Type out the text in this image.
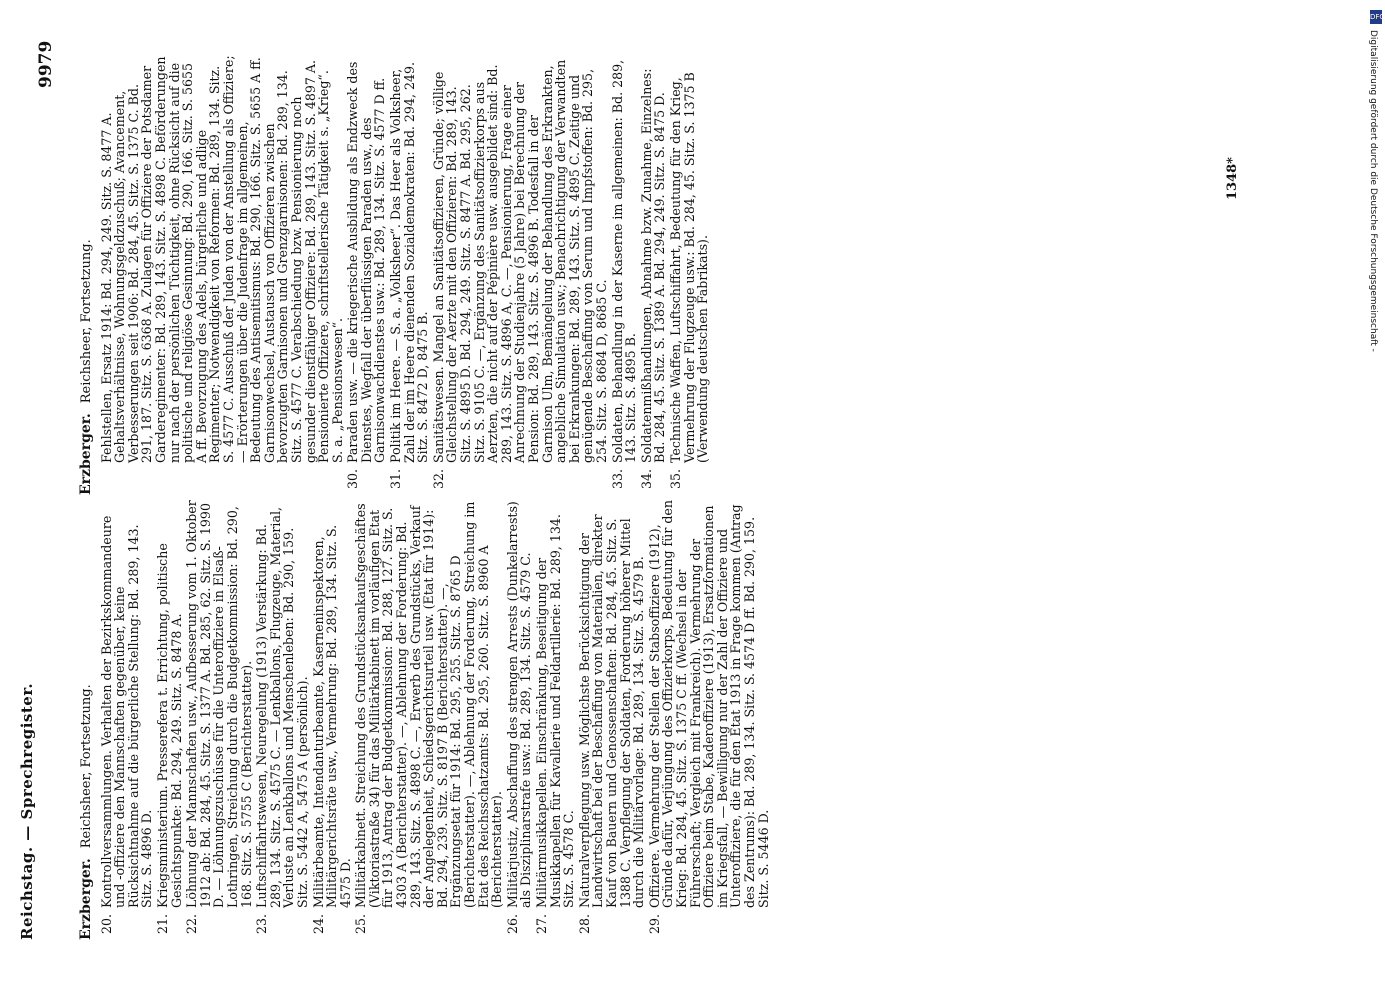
Reichstag. — Sprechregister.
9979
Erzberger.
Reichsheer, Fortsetzung.
20.
Kontrollversammlungen. Verhalten der Bezirkskommandeure und -offiziere den Mannschaften gegenüber, keine Rücksichtnahme auf die bürgerliche Stellung: Bd. 289, 143. Sitz. S. 4896 D.
21.
Kriegsministerium. Presserefera t. Errichtung, politische Gesichtspunkte: Bd. 294, 249. Sitz. S. 8478 A.
22.
Löhnung der Mannschaften usw., Aufbesserung vom 1. Oktober 1912 ab: Bd. 284, 45. Sitz. S. 1377 A. Bd. 285, 62. Sitz. S. 1990 D. — Löhnungszuschüsse für die Unteroffiziere in Elsaß-Lothringen, Streichung durch die Budgetkommission: Bd. 290, 168. Sitz. S. 5755 C (Berichterstatter).
23.
Luftschiffahrtswesen, Neuregelung (1913) Verstärkung: Bd. 289, 134. Sitz. S. 4575 C. — Lenkballons, Flugzeuge, Material, Verluste an Lenkballons und Menschenleben: Bd. 290, 159. Sitz. S. 5442 A, 5475 A (persönlich).
24.
Militärbeamte, Intendanturbeamte, Kaserneninspektoren, Militärgerichtsräte usw., Vermehrung: Bd. 289, 134. Sitz. S. 4575 D.
25.
Militärkabinett. Streichung des Grundstücksankaufsgeschäftes (Viktoriastraße 34) für das Militärkabinett im vorläufigen Etat für 1913, Antrag der Budgetkommission: Bd. 288, 127. Sitz. S. 4303 A (Berichterstatter). —, Ablehnung der Forderung: Bd. 289, 143. Sitz. S. 4898 C. —, Erwerb des Grundstücks, Verkauf der Angelegenheit, Schiedsgerichtsurteil usw. (Etat für 1914): Bd. 294, 239. Sitz. S. 8197 B (Berichterstatter). —, Ergänzungsetat für 1914: Bd. 295, 255. Sitz. S. 8765 D (Berichterstatter). —, Ablehnung der Forderung, Streichung im Etat des Reichsschatzamts: Bd. 295, 260. Sitz. S. 8960 A (Berichterstatter).
26.
Militärjustiz, Abschaffung des strengen Arrests (Dunkelarrests) als Disziplinarstrafe usw.: Bd. 289, 134. Sitz. S. 4579 C.
27.
Militärmusikkapellen. Einschränkung, Beseitigung der Musikkapellen für Kavallerie und Feldartillerie: Bd. 289, 134. Sitz. S. 4578 C.
28.
Naturalverpflegung usw. Möglichste Berücksichtigung der Landwirtschaft bei der Beschaffung von Materialien, direkter Kauf von Bauern und Genossenschaften: Bd. 284, 45. Sitz. S. 1388 C. Verpflegung der Soldaten, Forderung höherer Mittel durch die Militärvorlage: Bd. 289, 134. Sitz. S. 4579 B.
29.
Offiziere. Vermehrung der Stellen der Stabsoffiziere (1912), Gründe dafür, Verjüngung des Offizierkorps, Bedeutung für den Krieg: Bd. 284, 45. Sitz. S. 1375 C ff. (Wechsel in der Führerschaft; Vergleich mit Frankreich). Vermehrung der Offiziere beim Stabe, Kaderoffiziere (1913), Ersatzformationen im Kriegsfall, — Bewilligung nur der Zahl der Offiziere und Unteroffiziere, die für den Etat 1913 in Frage kommen (Antrag des Zentrums): Bd. 289, 134. Sitz. S. 4574 D ff. Bd. 290, 159. Sitz. S. 5446 D.
Erzberger.
Reichsheer, Fortsetzung. Fehlstellen, Ersatz 1914: Bd. 294, 249. Sitz. S. 8477 A. Gehaltsverhältnisse, Wohnungsgeldzuschuß; Avancement, Verbesserungen seit 1906: Bd. 284, 45. Sitz. S. 1375 C. Bd. 291, 187. Sitz. S. 6368 A. Zulagen für Offiziere der Potsdamer Garderegimenter: Bd. 289, 143. Sitz. S. 4898 C. Beförderungen nur nach der persönlichen Tüchtigkeit, ohne Rücksicht auf die politische und religiöse Gesinnung: Bd. 290, 166. Sitz. S. 5655 A ff. Bevorzugung des Adels, bürgerliche und adlige Regimenter; Notwendigkeit von Reformen: Bd. 289, 134. Sitz. S. 4577 C. Ausschuß der Juden von der Anstellung als Offiziere; — Erörterungen über die Judenfrage im allgemeinen, Bedeutung des Antisemitismus: Bd. 290, 166. Sitz. S. 5655 A ff. Garnisonwechsel, Austausch von Offizieren zwischen bevorzugten Garnisonen und Grenzgarnisonen: Bd. 289, 134. Sitz. S. 4577 C. Verabschiedung bzw. Pensionierung noch gesunder dienstfähiger Offiziere: Bd. 289, 143. Sitz. S. 4897 A. Pensionierte Offiziere, schriftstellerische Tätigkeit s. „Krieg“. S. a. „Pensionswesen“.
30.
Paraden usw. — die kriegerische Ausbildung als Endzweck des Dienstes, Wegfall der überflüssigen Paraden usw., des Garnisonwachdienstes usw.: Bd. 289, 134. Sitz. S. 4577 D ff.
31.
Politik im Heere. — S. a. „Volksheer“. Das Heer als Volksheer, Zahl der im Heere dienenden Sozialdemokraten: Bd. 294, 249. Sitz. S. 8472 D, 8475 B.
32.
Sanitätswesen. Mangel an Sanitätsoffizieren, Gründe; völlige Gleichstellung der Aerzte mit den Offizieren: Bd. 289, 143. Sitz. S. 4895 D. Bd. 294, 249. Sitz. S. 8477 A. Bd. 295, 262. Sitz. S. 9105 C. —, Ergänzung des Sanitätsoffizierkorps aus Aerzten, die nicht auf der Pépinière usw. ausgebildet sind: Bd. 289, 143. Sitz. S. 4896 A, C. —, Pensionierung, Frage einer Anrechnung der Studienjahre (5 Jahre) bei Berechnung der Pension: Bd. 289, 143. Sitz. S. 4896 B. Todesfall in der Garnison Ulm, Bemängelung der Behandlung des Erkrankten, angebliche Simulation usw.; Benachrichtigung der Verwandten bei Erkrankungen: Bd. 289, 143. Sitz. S. 4895 C. Zeitige und genügende Beschaffung von Serum und Impfstoffen: Bd. 295, 254. Sitz. S. 8684 D, 8685 C.
33.
Soldaten, Behandlung in der Kaserne im allgemeinen: Bd. 289, 143. Sitz. S. 4895 B.
34.
Soldatenmißhandlungen, Abnahme bzw. Zunahme, Einzelnes: Bd. 284, 45. Sitz. S. 1389 A. Bd. 294, 249. Sitz. S. 8475 D.
35.
Technische Waffen, Luftschiffahrt, Bedeutung für den Krieg, Vermehrung der Flugzeuge usw.: Bd. 284, 45. Sitz. S. 1375 B (Verwendung deutschen Fabrikats).
1348*
DFG
Digitalisierung gefördert durch die Deutsche Forschungsgemeinschaft -
